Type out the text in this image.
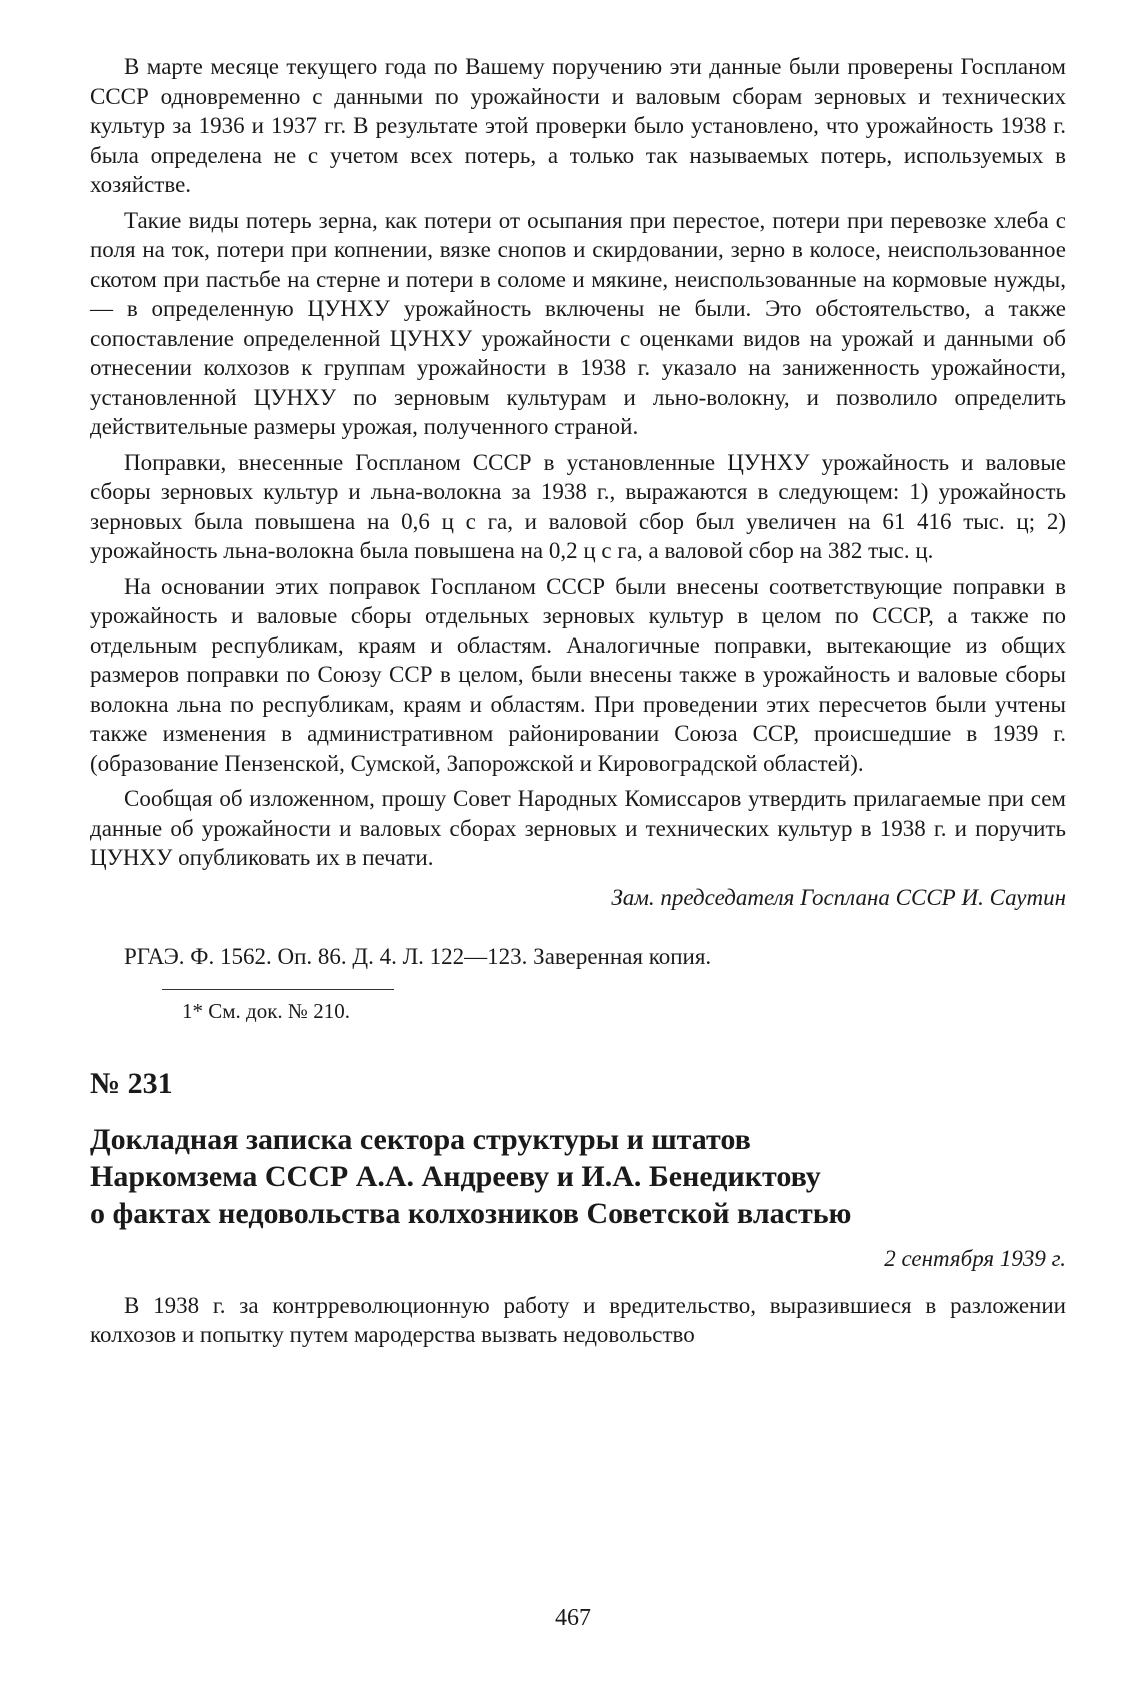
В марте месяце текущего года по Вашему поручению эти данные были проверены Госпланом СССР одновременно с данными по урожайности и валовым сборам зерновых и технических культур за 1936 и 1937 гг. В результате этой проверки было установлено, что урожайность 1938 г. была определена не с учетом всех потерь, а только так называемых потерь, используемых в хозяйстве.

Такие виды потерь зерна, как потери от осыпания при перестое, потери при перевозке хлеба с поля на ток, потери при копнении, вязке снопов и скирдовании, зерно в колосе, неиспользованное скотом при пастьбе на стерне и потери в соломе и мякине, неиспользованные на кормовые нужды, — в определенную ЦУНХУ урожайность включены не были. Это обстоятельство, а также сопоставление определенной ЦУНХУ урожайности с оценками видов на урожай и данными об отнесении колхозов к группам урожайности в 1938 г. указало на заниженность урожайности, установленной ЦУНХУ по зерновым культурам и льно-волокну, и позволило определить действительные размеры урожая, полученного страной.

Поправки, внесенные Госпланом СССР в установленные ЦУНХУ урожайность и валовые сборы зерновых культур и льна-волокна за 1938 г., выражаются в следующем: 1) урожайность зерновых была повышена на 0,6 ц с га, и валовой сбор был увеличен на 61 416 тыс. ц; 2) урожайность льна-волокна была повышена на 0,2 ц с га, а валовой сбор на 382 тыс. ц.

На основании этих поправок Госпланом СССР были внесены соответствующие поправки в урожайность и валовые сборы отдельных зерновых культур в целом по СССР, а также по отдельным республикам, краям и областям. Аналогичные поправки, вытекающие из общих размеров поправки по Союзу ССР в целом, были внесены также в урожайность и валовые сборы волокна льна по республикам, краям и областям. При проведении этих пересчетов были учтены также изменения в административном районировании Союза ССР, происшедшие в 1939 г. (образование Пензенской, Сумской, Запорожской и Кировоградской областей).

Сообщая об изложенном, прошу Совет Народных Комиссаров утвердить прилагаемые при сем данные об урожайности и валовых сборах зерновых и технических культур в 1938 г. и поручить ЦУНХУ опубликовать их в печати.

Зам. председателя Госплана СССР И. Саутин

РГАЭ. Ф. 1562. Оп. 86. Д. 4. Л. 122—123. Заверенная копия.

1* См. док. № 210.

№ 231

Докладная записка сектора структуры и штатов
Наркомзема СССР А.А. Андрееву и И.А. Бенедиктову
о фактах недовольства колхозников Советской властью

2 сентября 1939 г.

В 1938 г. за контрреволюционную работу и вредительство, выразившиеся в разложении колхозов и попытку путем мародерства вызвать недовольство

467
